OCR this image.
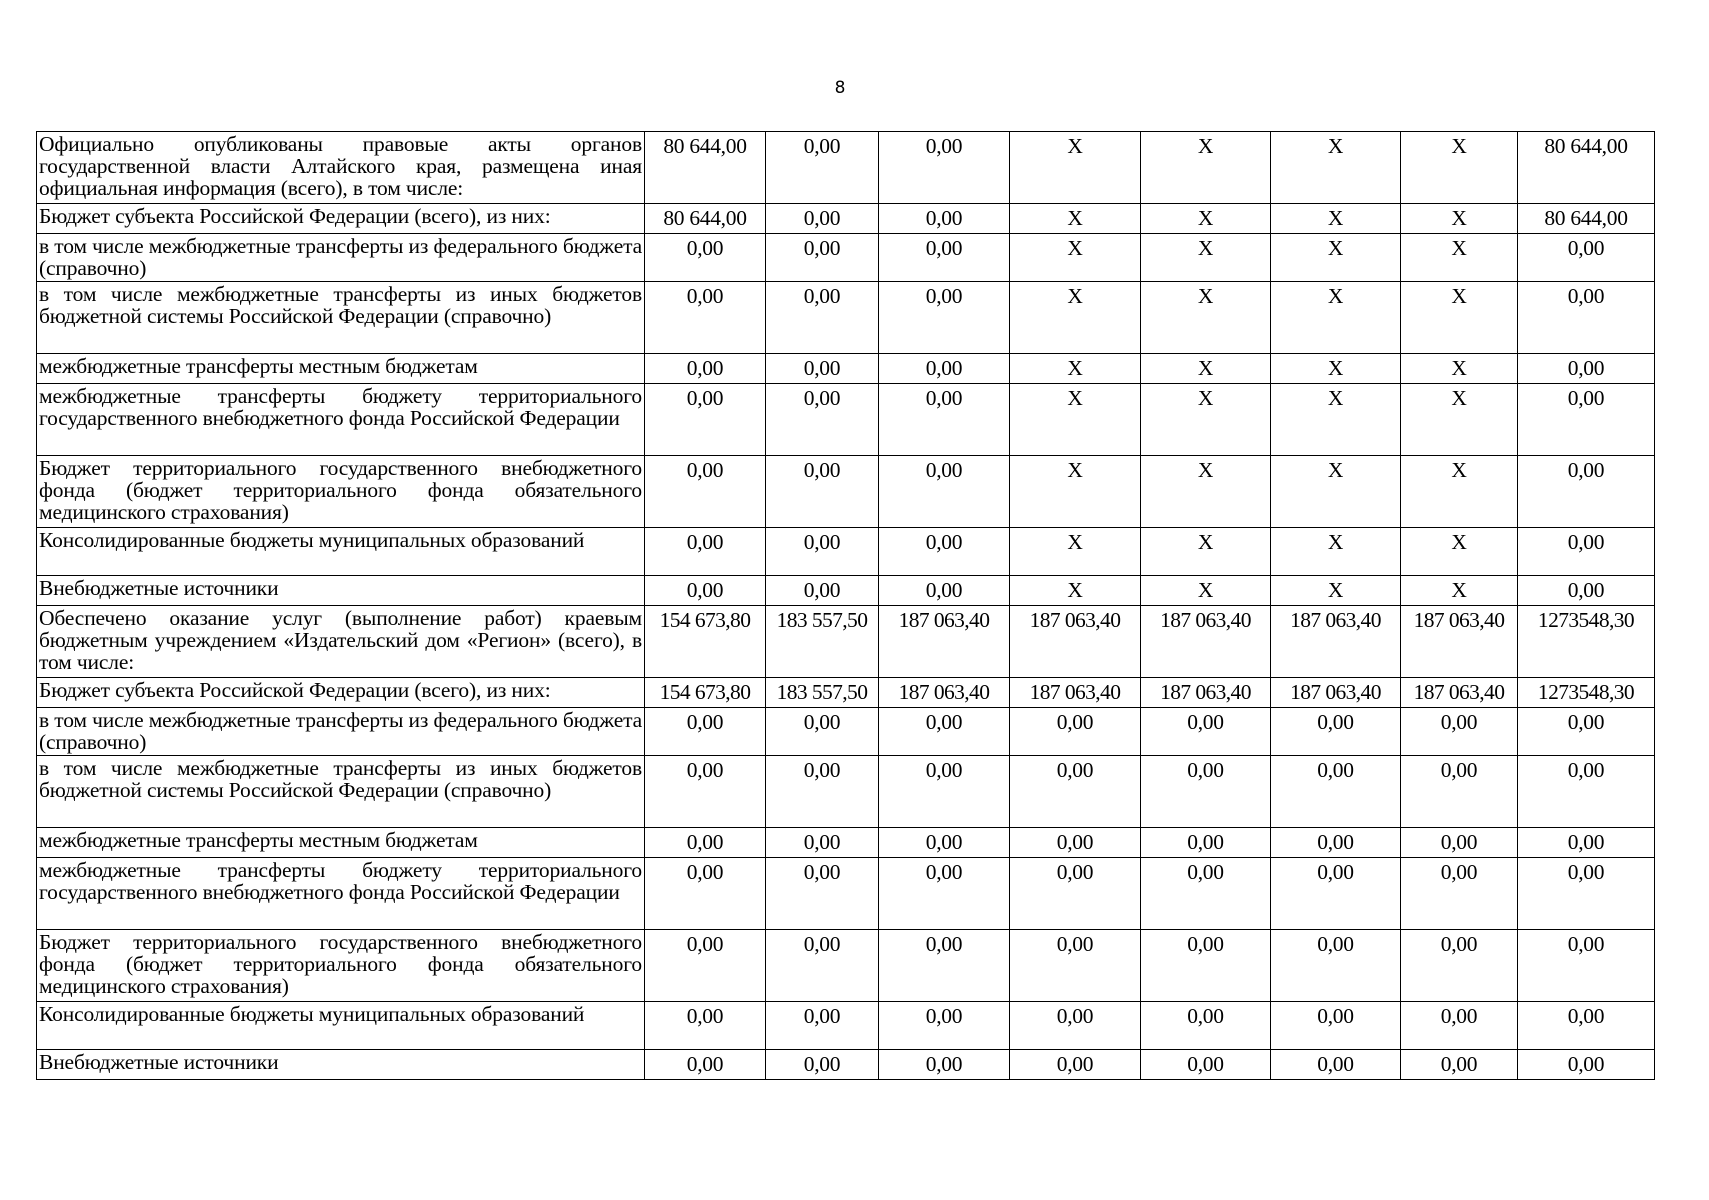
8
Официально опубликованы правовые акты органов государственной власти Алтайского края, размещена иная официальная информация (всего), в том числе:	80 644,00	0,00	0,00	X	X	X	X	80 644,00
Бюджет субъекта Российской Федерации (всего), из них:	80 644,00	0,00	0,00	X	X	X	X	80 644,00
в том числе межбюджетные трансферты из федерального бюджета (справочно)	0,00	0,00	0,00	X	X	X	X	0,00
в том числе межбюджетные трансферты из иных бюджетов бюджетной системы Российской Федерации (справочно)	0,00	0,00	0,00	X	X	X	X	0,00
межбюджетные трансферты местным бюджетам	0,00	0,00	0,00	X	X	X	X	0,00
межбюджетные трансферты бюджету территориального государственного внебюджетного фонда Российской Федерации	0,00	0,00	0,00	X	X	X	X	0,00
Бюджет территориального государственного внебюджетного фонда (бюджет территориального фонда обязательного медицинского страхования)	0,00	0,00	0,00	X	X	X	X	0,00
Консолидированные бюджеты муниципальных образований	0,00	0,00	0,00	X	X	X	X	0,00
Внебюджетные источники	0,00	0,00	0,00	X	X	X	X	0,00
Обеспечено оказание услуг (выполнение работ) краевым бюджетным учреждением «Издательский дом «Регион» (всего), в том числе:	154 673,80	183 557,50	187 063,40	187 063,40	187 063,40	187 063,40	187 063,40	1273548,30
Бюджет субъекта Российской Федерации (всего), из них:	154 673,80	183 557,50	187 063,40	187 063,40	187 063,40	187 063,40	187 063,40	1273548,30
в том числе межбюджетные трансферты из федерального бюджета (справочно)	0,00	0,00	0,00	0,00	0,00	0,00	0,00	0,00
в том числе межбюджетные трансферты из иных бюджетов бюджетной системы Российской Федерации (справочно)	0,00	0,00	0,00	0,00	0,00	0,00	0,00	0,00
межбюджетные трансферты местным бюджетам	0,00	0,00	0,00	0,00	0,00	0,00	0,00	0,00
межбюджетные трансферты бюджету территориального государственного внебюджетного фонда Российской Федерации	0,00	0,00	0,00	0,00	0,00	0,00	0,00	0,00
Бюджет территориального государственного внебюджетного фонда (бюджет территориального фонда обязательного медицинского страхования)	0,00	0,00	0,00	0,00	0,00	0,00	0,00	0,00
Консолидированные бюджеты муниципальных образований	0,00	0,00	0,00	0,00	0,00	0,00	0,00	0,00
Внебюджетные источники	0,00	0,00	0,00	0,00	0,00	0,00	0,00	0,00
